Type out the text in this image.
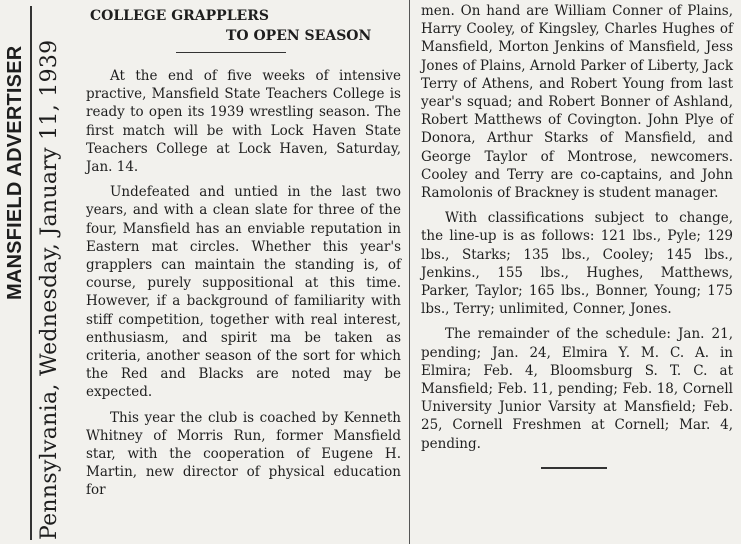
MANSFIELD ADVERTISER Pennsylvania, Wednesday, January 11, 1939
COLLEGE GRAPPLERS
TO OPEN SEASON

At the end of five weeks of intensive practive, Mansfield State Teachers College is ready to open its 1939 wrestling season. The first match will be with Lock Haven State Teachers College at Lock Haven, Saturday, Jan. 14.

Undefeated and untied in the last two years, and with a clean slate for three of the four, Mansfield has an enviable reputation in Eastern mat circles. Whether this year's grapplers can maintain the standing is, of course, purely suppositional at this time. However, if a background of familiarity with stiff competition, together with real interest, enthusiasm, and spirit ma be taken as criteria, another season of the sort for which the Red and Blacks are noted may be expected.

This year the club is coached by Kenneth Whitney of Morris Run, former Mansfield star, with the cooperation of Eugene H. Martin, new director of physical education for

men. On hand are William Conner of Plains, Harry Cooley, of Kingsley, Charles Hughes of Mansfield, Morton Jenkins of Mansfield, Jess Jones of Plains, Arnold Parker of Liberty, Jack Terry of Athens, and Robert Young from last year's squad; and Robert Bonner of Ashland, Robert Matthews of Covington. John Plye of Donora, Arthur Starks of Mansfield, and George Taylor of Montrose, newcomers. Cooley and Terry are co-captains, and John Ramolonis of Brackney is student manager.

With classifications subject to change, the line-up is as follows: 121 lbs., Pyle; 129 lbs., Starks; 135 lbs., Cooley; 145 lbs., Jenkins., 155 lbs., Hughes, Matthews, Parker, Taylor; 165 lbs., Bonner, Young; 175 lbs., Terry; unlimited, Conner, Jones.

The remainder of the schedule: Jan. 21, pending; Jan. 24, Elmira Y. M. C. A. in Elmira; Feb. 4, Bloomsburg S. T. C. at Mansfield; Feb. 11, pending; Feb. 18, Cornell University Junior Varsity at Mansfield; Feb. 25, Cornell Freshmen at Cornell; Mar. 4, pending.
